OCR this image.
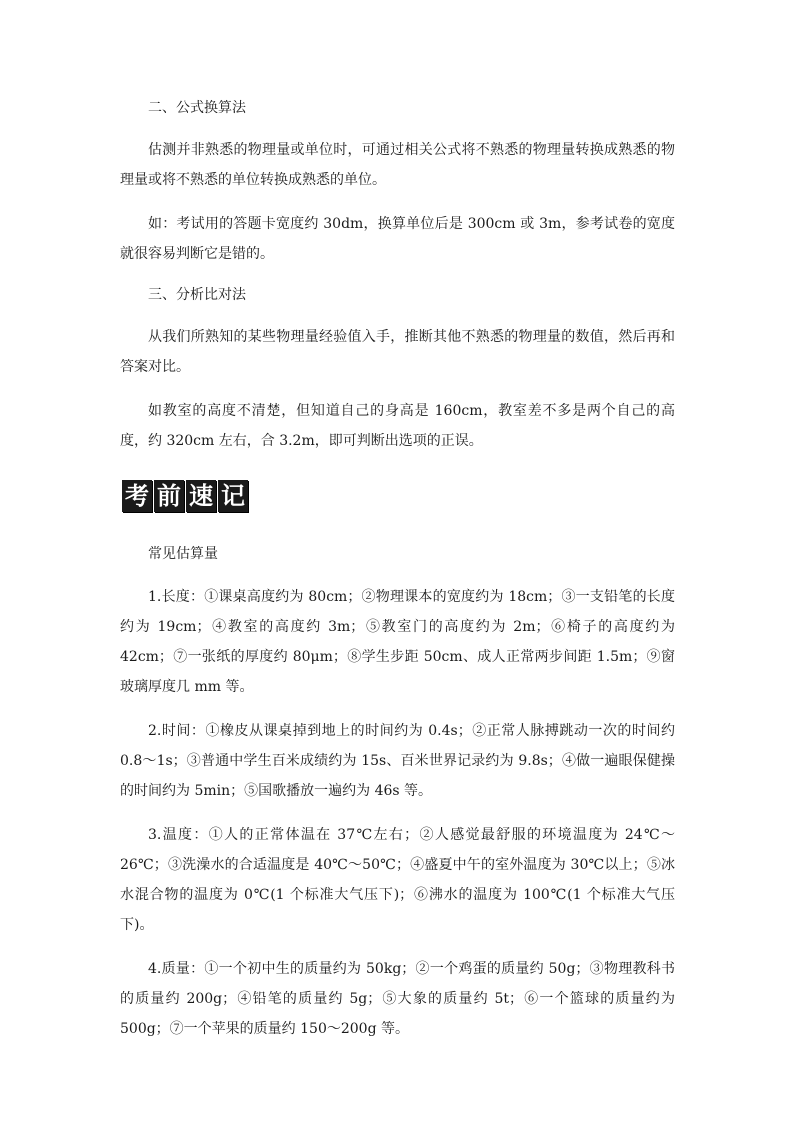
二、公式换算法

估测并非熟悉的物理量或单位时，可通过相关公式将不熟悉的物理量转换成熟悉的物理量或将不熟悉的单位转换成熟悉的单位。

如：考试用的答题卡宽度约 30dm，换算单位后是 300cm 或 3m，参考试卷的宽度就很容易判断它是错的。

三、分析比对法

从我们所熟知的某些物理量经验值入手，推断其他不熟悉的物理量的数值，然后再和答案对比。

如教室的高度不清楚，但知道自己的身高是 160cm，教室差不多是两个自己的高度，约 320cm 左右，合 3.2m，即可判断出选项的正误。

考 前 速 记
常见估算量

1.长度：①课桌高度约为 80cm；②物理课本的宽度约为 18cm；③一支铅笔的长度约为 19cm；④教室的高度约 3m；⑤教室门的高度约为 2m；⑥椅子的高度约为 42cm；⑦一张纸的厚度约 80μm；⑧学生步距 50cm、成人正常两步间距 1.5m；⑨窗玻璃厚度几 mm 等。

2.时间：①橡皮从课桌掉到地上的时间约为 0.4s；②正常人脉搏跳动一次的时间约 0.8～1s；③普通中学生百米成绩约为 15s、百米世界记录约为 9.8s；④做一遍眼保健操的时间约为 5min；⑤国歌播放一遍约为 46s 等。

3.温度：①人的正常体温在 37℃左右；②人感觉最舒服的环境温度为 24℃～26℃；③洗澡水的合适温度是 40℃～50℃；④盛夏中午的室外温度为 30℃以上；⑤冰水混合物的温度为 0℃(1 个标准大气压下)；⑥沸水的温度为 100℃(1 个标准大气压下)。

4.质量：①一个初中生的质量约为 50kg；②一个鸡蛋的质量约 50g；③物理教科书的质量约 200g；④铅笔的质量约 5g；⑤大象的质量约 5t；⑥一个篮球的质量约为 500g；⑦一个苹果的质量约 150～200g 等。
